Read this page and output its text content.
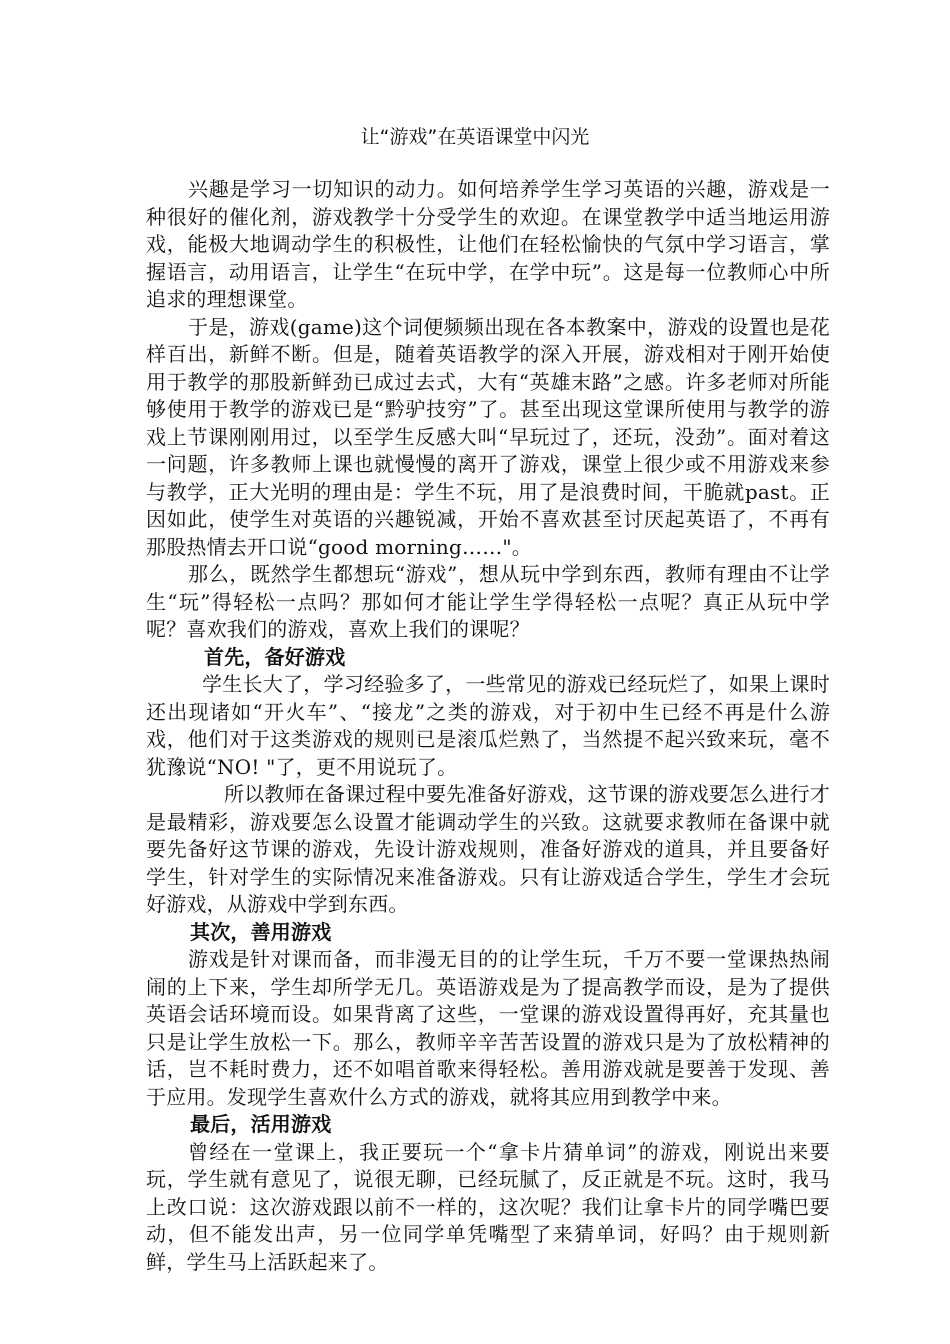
让“游戏”在英语课堂中闪光

兴趣是学习一切知识的动力。如何培养学生学习英语的兴趣，游戏是一种很好的催化剂，游戏教学十分受学生的欢迎。在课堂教学中适当地运用游戏，能极大地调动学生的积极性，让他们在轻松愉快的气氛中学习语言，掌握语言，动用语言，让学生“在玩中学，在学中玩”。这是每一位教师心中所追求的理想课堂。

于是，游戏(game)这个词便频频出现在各本教案中，游戏的设置也是花样百出，新鲜不断。但是，随着英语教学的深入开展，游戏相对于刚开始使用于教学的那股新鲜劲已成过去式，大有“英雄末路”之感。许多老师对所能够使用于教学的游戏已是“黔驴技穷”了。甚至出现这堂课所使用与教学的游戏上节课刚刚用过，以至学生反感大叫“早玩过了，还玩，没劲”。面对着这一问题，许多教师上课也就慢慢的离开了游戏，课堂上很少或不用游戏来参与教学，正大光明的理由是：学生不玩，用了是浪费时间，干脆就past。正因如此，使学生对英语的兴趣锐减，开始不喜欢甚至讨厌起英语了，不再有那股热情去开口说“good morning……"。

那么，既然学生都想玩“游戏”，想从玩中学到东西，教师有理由不让学生“玩”得轻松一点吗？那如何才能让学生学得轻松一点呢？真正从玩中学呢？喜欢我们的游戏，喜欢上我们的课呢？

首先，备好游戏

学生长大了，学习经验多了，一些常见的游戏已经玩烂了，如果上课时还出现诸如“开火车”、“接龙”之类的游戏，对于初中生已经不再是什么游戏，他们对于这类游戏的规则已是滚瓜烂熟了，当然提不起兴致来玩，毫不犹豫说“NO! "了，更不用说玩了。

所以教师在备课过程中要先准备好游戏，这节课的游戏要怎么进行才是最精彩，游戏要怎么设置才能调动学生的兴致。这就要求教师在备课中就要先备好这节课的游戏，先设计游戏规则，准备好游戏的道具，并且要备好学生，针对学生的实际情况来准备游戏。只有让游戏适合学生，学生才会玩好游戏，从游戏中学到东西。

其次，善用游戏

游戏是针对课而备，而非漫无目的的让学生玩，千万不要一堂课热热闹闹的上下来，学生却所学无几。英语游戏是为了提高教学而设，是为了提供英语会话环境而设。如果背离了这些，一堂课的游戏设置得再好，充其量也只是让学生放松一下。那么，教师辛辛苦苦设置的游戏只是为了放松精神的话，岂不耗时费力，还不如唱首歌来得轻松。善用游戏就是要善于发现、善于应用。发现学生喜欢什么方式的游戏，就将其应用到教学中来。

最后，活用游戏

曾经在一堂课上，我正要玩一个“拿卡片猜单词”的游戏，刚说出来要玩，学生就有意见了，说很无聊，已经玩腻了，反正就是不玩。这时，我马上改口说：这次游戏跟以前不一样的，这次呢？我们让拿卡片的同学嘴巴要动，但不能发出声，另一位同学单凭嘴型了来猜单词，好吗？由于规则新鲜，学生马上活跃起来了。
